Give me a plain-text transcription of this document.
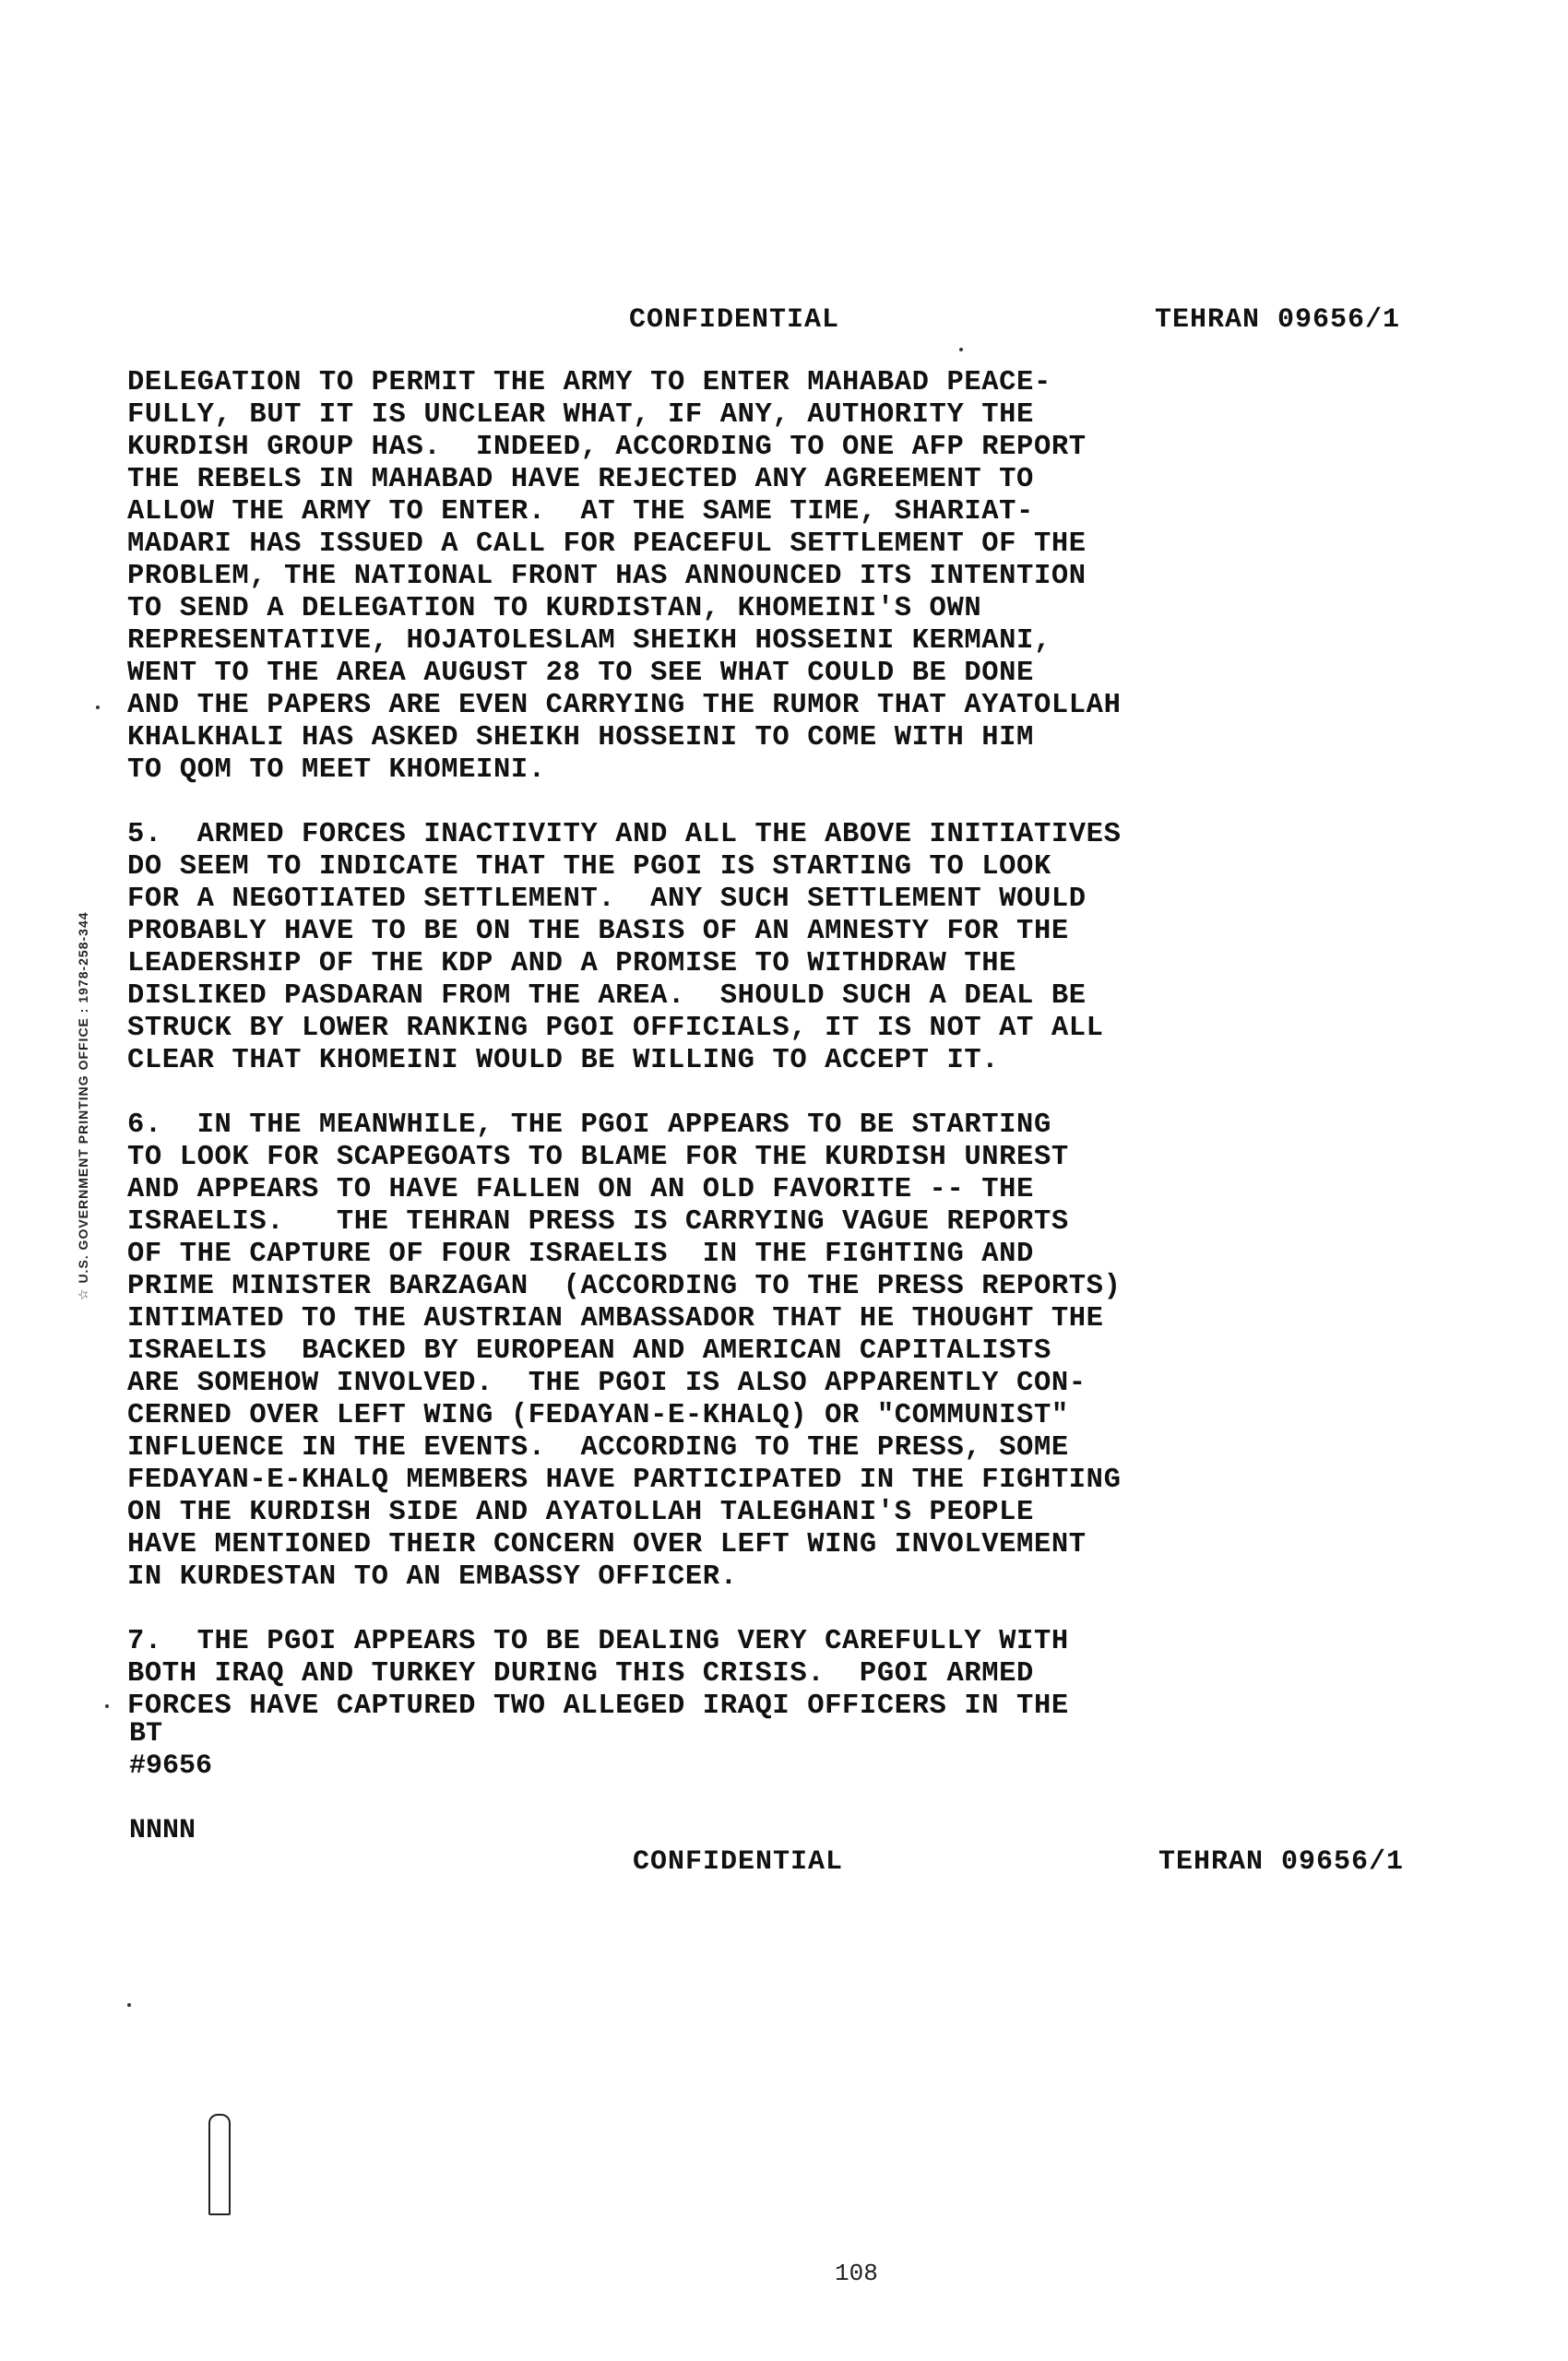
CONFIDENTIAL	TEHRAN 09656/1
☆ U.S. GOVERNMENT PRINTING OFFICE : 1978-258-344

DELEGATION TO PERMIT THE ARMY TO ENTER MAHABAD PEACE-

FULLY, BUT IT IS UNCLEAR WHAT, IF ANY, AUTHORITY THE

KURDISH GROUP HAS.  INDEED, ACCORDING TO ONE AFP REPORT

THE REBELS IN MAHABAD HAVE REJECTED ANY AGREEMENT TO

ALLOW THE ARMY TO ENTER.  AT THE SAME TIME, SHARIAT-

MADARI HAS ISSUED A CALL FOR PEACEFUL SETTLEMENT OF THE

PROBLEM, THE NATIONAL FRONT HAS ANNOUNCED ITS INTENTION

TO SEND A DELEGATION TO KURDISTAN, KHOMEINI'S OWN

REPRESENTATIVE, HOJATOLESLAM SHEIKH HOSSEINI KERMANI,

WENT TO THE AREA AUGUST 28 TO SEE WHAT COULD BE DONE

AND THE PAPERS ARE EVEN CARRYING THE RUMOR THAT AYATOLLAH

KHALKHALI HAS ASKED SHEIKH HOSSEINI TO COME WITH HIM

TO QOM TO MEET KHOMEINI.

5.  ARMED FORCES INACTIVITY AND ALL THE ABOVE INITIATIVES

DO SEEM TO INDICATE THAT THE PGOI IS STARTING TO LOOK

FOR A NEGOTIATED SETTLEMENT.  ANY SUCH SETTLEMENT WOULD

PROBABLY HAVE TO BE ON THE BASIS OF AN AMNESTY FOR THE

LEADERSHIP OF THE KDP AND A PROMISE TO WITHDRAW THE

DISLIKED PASDARAN FROM THE AREA.  SHOULD SUCH A DEAL BE

STRUCK BY LOWER RANKING PGOI OFFICIALS, IT IS NOT AT ALL

CLEAR THAT KHOMEINI WOULD BE WILLING TO ACCEPT IT.

6.  IN THE MEANWHILE, THE PGOI APPEARS TO BE STARTING

TO LOOK FOR SCAPEGOATS TO BLAME FOR THE KURDISH UNREST

AND APPEARS TO HAVE FALLEN ON AN OLD FAVORITE -- THE

ISRAELIS.   THE TEHRAN PRESS IS CARRYING VAGUE REPORTS

OF THE CAPTURE OF FOUR ISRAELIS  IN THE FIGHTING AND

PRIME MINISTER BARZAGAN  (ACCORDING TO THE PRESS REPORTS)

INTIMATED TO THE AUSTRIAN AMBASSADOR THAT HE THOUGHT THE

ISRAELIS  BACKED BY EUROPEAN AND AMERICAN CAPITALISTS

ARE SOMEHOW INVOLVED.  THE PGOI IS ALSO APPARENTLY CON-

CERNED OVER LEFT WING (FEDAYAN-E-KHALQ) OR "COMMUNIST"

INFLUENCE IN THE EVENTS.  ACCORDING TO THE PRESS, SOME

FEDAYAN-E-KHALQ MEMBERS HAVE PARTICIPATED IN THE FIGHTING

ON THE KURDISH SIDE AND AYATOLLAH TALEGHANI'S PEOPLE

HAVE MENTIONED THEIR CONCERN OVER LEFT WING INVOLVEMENT

IN KURDESTAN TO AN EMBASSY OFFICER.

7.  THE PGOI APPEARS TO BE DEALING VERY CAREFULLY WITH

BOTH IRAQ AND TURKEY DURING THIS CRISIS.  PGOI ARMED

FORCES HAVE CAPTURED TWO ALLEGED IRAQI OFFICERS IN THE

BT
#9656
NNNN
CONFIDENTIAL	TEHRAN 09656/1
108
